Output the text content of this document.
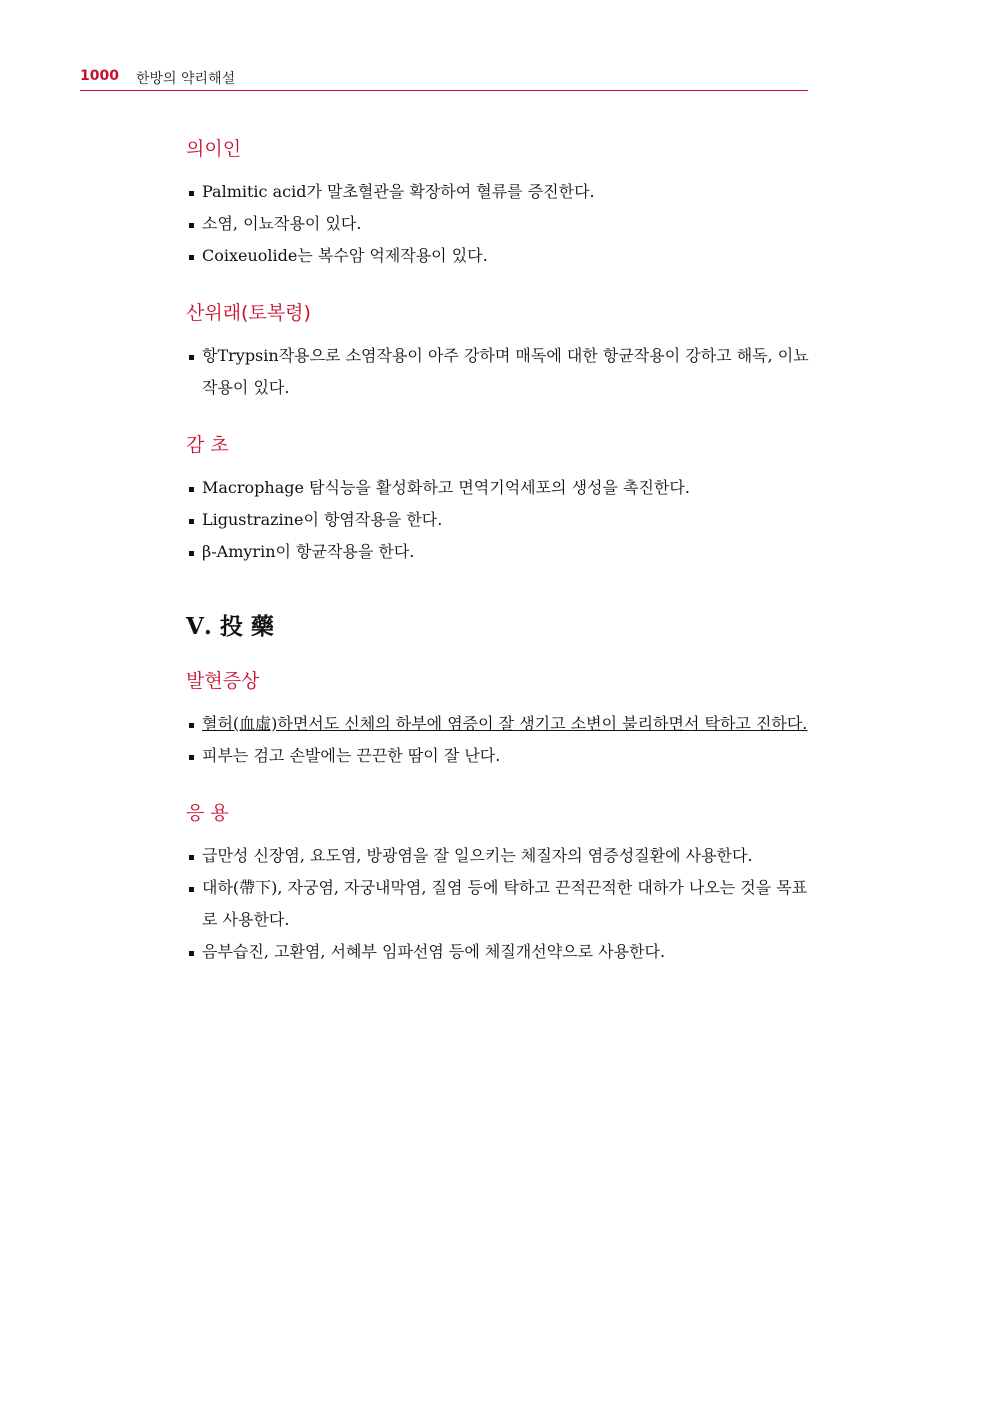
1000 한방의 약리해설
의이인
Palmitic acid가 말초혈관을 확장하여 혈류를 증진한다.
소염, 이뇨작용이 있다.
Coixeuolide는 복수암 억제작용이 있다.
산위래(토복령)
항Trypsin작용으로 소염작용이 아주 강하며 매독에 대한 항균작용이 강하고 해독, 이뇨작용이 있다.
감 초
Macrophage 탐식능을 활성화하고 면역기억세포의 생성을 촉진한다.
Ligustrazine이 항염작용을 한다.
β-Amyrin이 항균작용을 한다.
Ⅴ. 投 藥
발현증상
혈허(血虛)하면서도 신체의 하부에 염증이 잘 생기고 소변이 불리하면서 탁하고 진하다.
피부는 검고 손발에는 끈끈한 땀이 잘 난다.
응 용
급만성 신장염, 요도염, 방광염을 잘 일으키는 체질자의 염증성질환에 사용한다.
대하(帶下), 자궁염, 자궁내막염, 질염 등에 탁하고 끈적끈적한 대하가 나오는 것을 목표로 사용한다.
음부습진, 고환염, 서혜부 임파선염 등에 체질개선약으로 사용한다.
